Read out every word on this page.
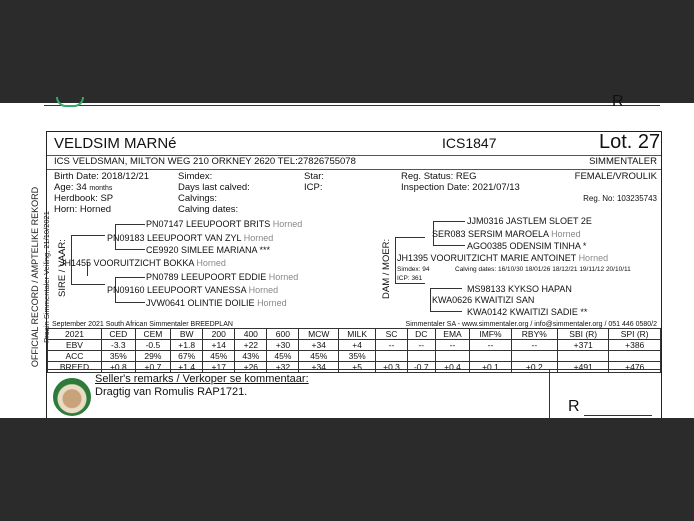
R
OFFICIAL RECORD / AMPTELIKE REKORD Proain Simmentaler Veiling, 21/10/2021
VELDSIM MARNé	ICS1847	Lot. 27
ICS VELDSMAN, MILTON WEG 210 ORKNEY 2620 TEL:27826755078	SIMMENTALER
Birth Date: 2018/12/21
Age: 34 months
Herdbook: SP
Horn: Horned
Simdex:
Days last calved:
Calvings:
Calving dates:
Star:
ICP:
Reg. Status: REG
Inspection Date: 2021/07/13
FEMALE/VROULIK
Reg. No: 103235743
SIRE / VAAR:
PN07147 LEEUPOORT BRITS Horned
PN09183 LEEUPOORT VAN ZYL Horned
CE9920 SIMLEE MARIANA ***
JH1455 VOORUITZICHT BOKKA Horned
PN0789 LEEUPOORT EDDIE Horned
PN09160 LEEUPOORT VANESSA Horned
JVW0641 OLINTIE DOILIE Horned
DAM / MOER:
JJM0316 JASTLEM SLOET 2E
SER083 SERSIM MAROELA Horned
AGO0385 ODENSIM TINHA *
JH1395 VOORUITZICHT MARIE ANTOINET Horned
Simdex: 94	Calving dates: 16/10/30 18/01/26 18/12/21 19/11/12 20/10/11
ICP: 361
MS98133 KYKSO HAPAN
KWA0626 KWAITIZI SAN
KWA0142 KWAITIZI SADIE **
September 2021 South African Simmentaler BREEDPLAN	Simmentaler SA - www.simmentaler.org / info@simmentaler.org / 051 446 0580/2
2021	CED	CEM	BW	200	400	600	MCW	MILK	SC	DC	EMA	IMF%	RBY%	SBI (R)	SPI (R)
EBV	-3.3	-0.5	+1.8	+14	+22	+30	+34	+4	--	--	--	--	--	+371	+386
ACC	35%	29%	67%	45%	43%	45%	45%	35%							
BREED	+0.8	+0.7	+1.4	+17	+26	+32	+34	+5	+0.3	-0.7	+0.4	+0.1	+0.2	+491	+476
Seller's remarks / Verkoper se kommentaar:
Dragtig van Romulis RAP1721.
R
